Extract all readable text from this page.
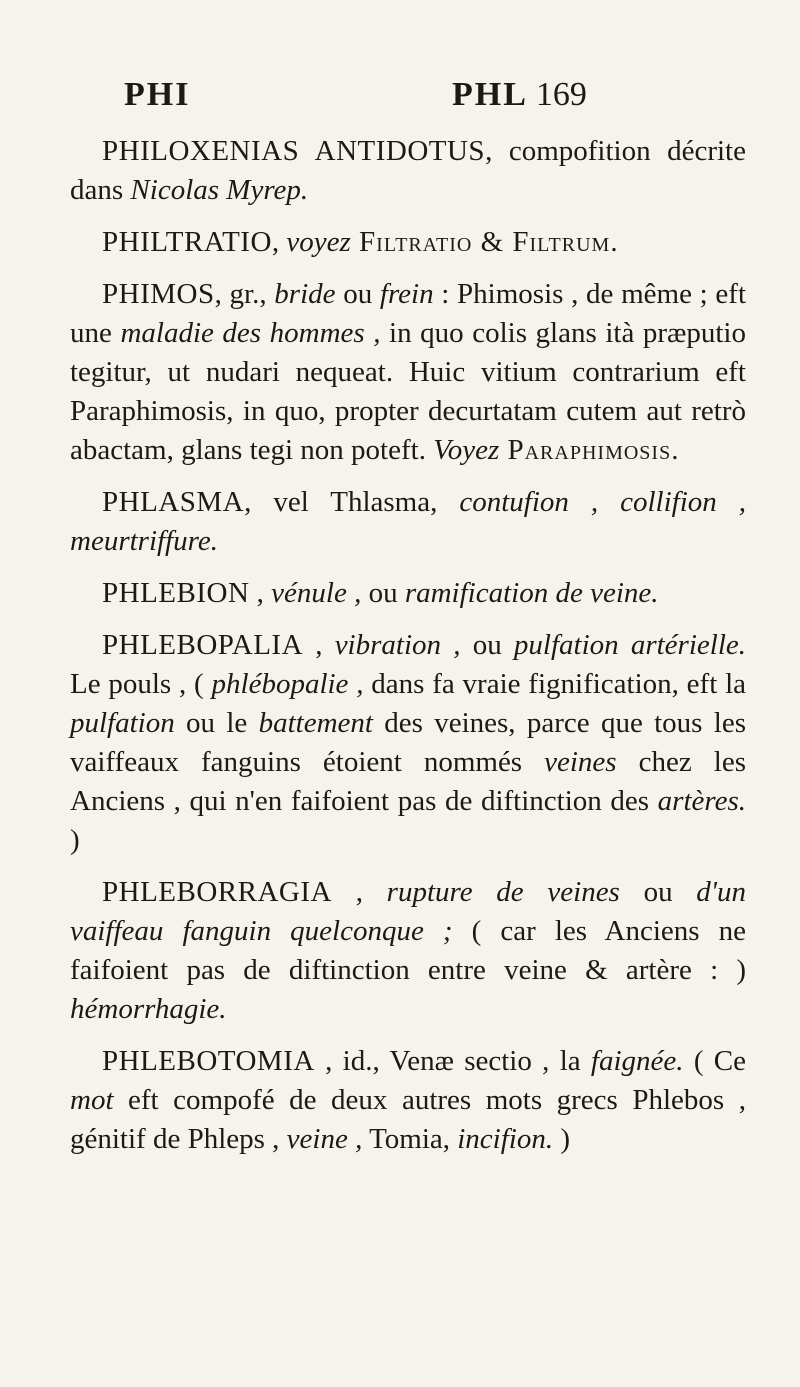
PHI	PHL 169

PHILOXENIAS ANTIDOTUS, compofition décrite dans Nicolas Myrep.

PHILTRATIO, voyez Filtratio & Filtrum.

PHIMOS, gr., bride ou frein : Phimosis , de même ; eft une maladie des hommes , in quo colis glans ità præputio tegitur, ut nudari nequeat. Huic vitium contrarium eft Paraphimosis, in quo, propter decurtatam cutem aut retrò abactam, glans tegi non poteft. Voyez Paraphimosis.

PHLASMA, vel Thlasma, contufion , collifion , meurtriffure.

PHLEBION , vénule , ou ramification de veine.

PHLEBOPALIA , vibration , ou pulfation artérielle. Le pouls , ( phlébopalie , dans fa vraie fignification, eft la pulfation ou le battement des veines, parce que tous les vaiffeaux fanguins étoient nommés veines chez les Anciens , qui n'en faifoient pas de diftinction des artères. )

PHLEBORRAGIA , rupture de veines ou d'un vaiffeau fanguin quelconque ; ( car les Anciens ne faifoient pas de diftinction entre veine & artère : ) hémorrhagie.

PHLEBOTOMIA , id., Venæ sectio , la faignée. ( Ce mot eft compofé de deux autres mots grecs Phlebos , génitif de Phleps , veine , Tomia, incifion. )
